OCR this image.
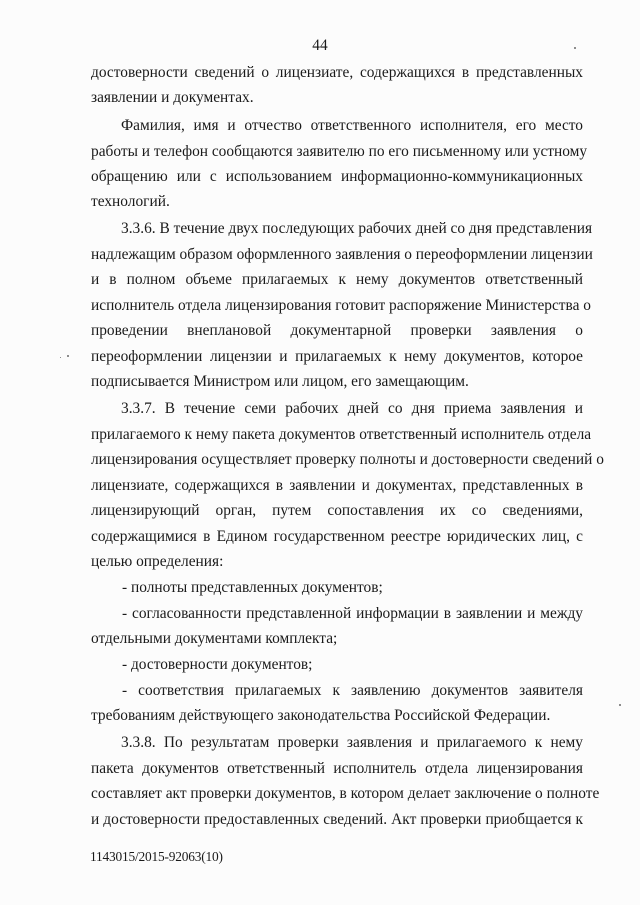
44
достоверности сведений о лицензиате, содержащихся в представленных
заявлении и документах.
Фамилия, имя и отчество ответственного исполнителя, его место
работы и телефон сообщаются заявителю по его письменному или устному
обращению или с использованием информационно-коммуникационных
технологий.
3.3.6. В течение двух последующих рабочих дней со дня представления
надлежащим образом оформленного заявления о переоформлении лицензии
и в полном объеме прилагаемых к нему документов ответственный
исполнитель отдела лицензирования готовит распоряжение Министерства о
проведении внеплановой документарной проверки заявления о
переоформлении лицензии и прилагаемых к нему документов, которое
подписывается Министром или лицом, его замещающим.
3.3.7. В течение семи рабочих дней со дня приема заявления и
прилагаемого к нему пакета документов ответственный исполнитель отдела
лицензирования осуществляет проверку полноты и достоверности сведений о
лицензиате, содержащихся в заявлении и документах, представленных в
лицензирующий орган, путем сопоставления их со сведениями,
содержащимися в Едином государственном реестре юридических лиц, с
целью определения:
- полноты представленных документов;
- согласованности представленной информации в заявлении и между
отдельными документами комплекта;
- достоверности документов;
- соответствия прилагаемых к заявлению документов заявителя
требованиям действующего законодательства Российской Федерации.
3.3.8. По результатам проверки заявления и прилагаемого к нему
пакета документов ответственный исполнитель отдела лицензирования
составляет акт проверки документов, в котором делает заключение о полноте
и достоверности предоставленных сведений. Акт проверки приобщается к
1143015/2015-92063(10)
